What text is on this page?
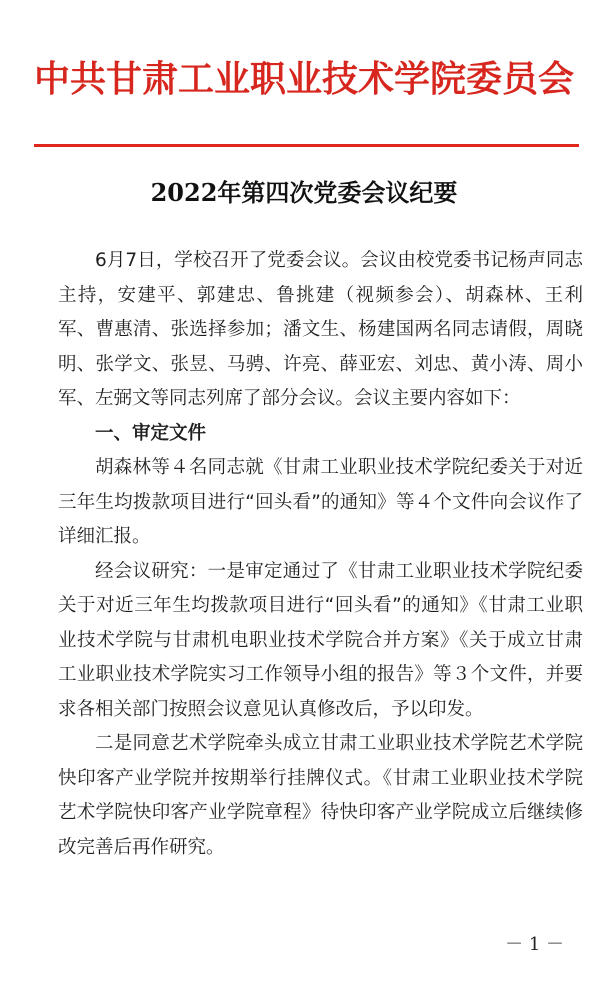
中共甘肃工业职业技术学院委员会
2022年第四次党委会议纪要

6月7日，学校召开了党委会议。会议由校党委书记杨声同志主持，安建平、郭建忠、鲁挑建（视频参会）、胡森林、王利军、曹惠清、张选择参加；潘文生、杨建国两名同志请假，周晓明、张学文、张昱、马骋、许亮、薛亚宏、刘忠、黄小涛、周小军、左弼文等同志列席了部分会议。会议主要内容如下：

一、审定文件

胡森林等４名同志就《甘肃工业职业技术学院纪委关于对近三年生均拨款项目进行“回头看”的通知》等４个文件向会议作了详细汇报。

经会议研究：一是审定通过了《甘肃工业职业技术学院纪委关于对近三年生均拨款项目进行“回头看”的通知》《甘肃工业职业技术学院与甘肃机电职业技术学院合并方案》《关于成立甘肃工业职业技术学院实习工作领导小组的报告》等３个文件，并要求各相关部门按照会议意见认真修改后，予以印发。

二是同意艺术学院牵头成立甘肃工业职业技术学院艺术学院快印客产业学院并按期举行挂牌仪式。《甘肃工业职业技术学院艺术学院快印客产业学院章程》待快印客产业学院成立后继续修改完善后再作研究。

－ 1 －
